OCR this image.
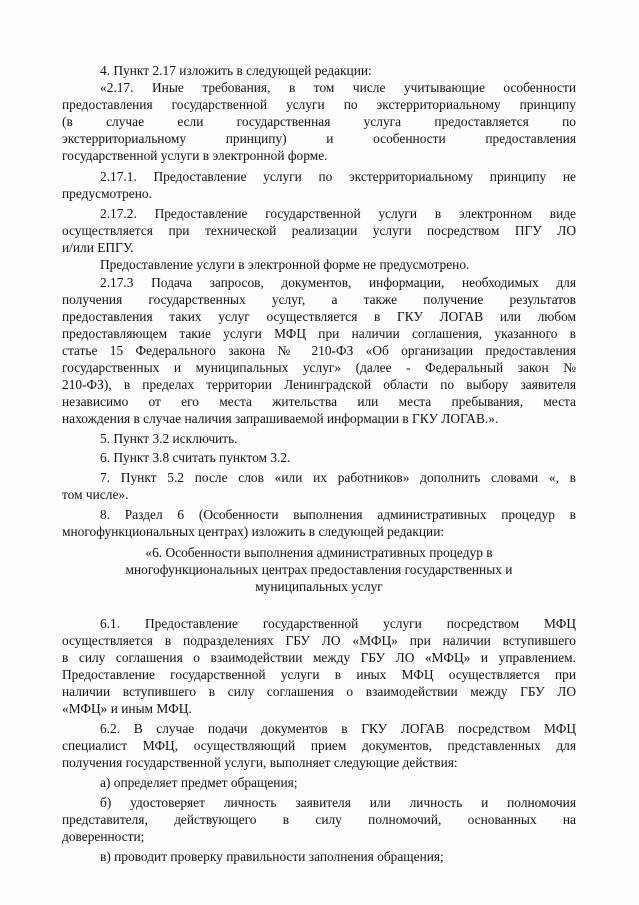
4. Пункт 2.17 изложить в следующей редакции:
«2.17. Иные требования, в том числе учитывающие особенности
предоставления государственной услуги по экстерриториальному принципу
(в случае если государственная услуга предоставляется по
экстерриториальному принципу) и особенности предоставления
государственной услуги в электронной форме.
2.17.1. Предоставление услуги по экстерриториальному принципу не
предусмотрено.
2.17.2. Предоставление государственной услуги в электронном виде
осуществляется при технической реализации услуги посредством ПГУ ЛО
и/или ЕПГУ.
Предоставление услуги в электронной форме не предусмотрено.
2.17.3 Подача запросов, документов, информации, необходимых для
получения государственных услуг, а также получение результатов
предоставления таких услуг осуществляется в ГКУ ЛОГАВ или любом
предоставляющем такие услуги МФЦ при наличии соглашения, указанного в
статье 15 Федерального закона № 210-ФЗ «Об организации предоставления
государственных и муниципальных услуг» (далее - Федеральный закон №
210-ФЗ), в пределах территории Ленинградской области по выбору заявителя
независимо от его места жительства или места пребывания, места
нахождения в случае наличия запрашиваемой информации в ГКУ ЛОГАВ.».
5. Пункт 3.2 исключить.
6. Пункт 3.8 считать пунктом 3.2.
7. Пункт 5.2 после слов «или их работников» дополнить словами «, в
том числе».
8. Раздел 6 (Особенности выполнения административных процедур в
многофункциональных центрах) изложить в следующей редакции:
«6. Особенности выполнения административных процедур в
многофункциональных центрах предоставления государственных и
муниципальных услуг
6.1. Предоставление государственной услуги посредством МФЦ
осуществляется в подразделениях ГБУ ЛО «МФЦ» при наличии вступившего
в силу соглашения о взаимодействии между ГБУ ЛО «МФЦ» и управлением.
Предоставление государственной услуги в иных МФЦ осуществляется при
наличии вступившего в силу соглашения о взаимодействии между ГБУ ЛО
«МФЦ» и иным МФЦ.
6.2. В случае подачи документов в ГКУ ЛОГАВ посредством МФЦ
специалист МФЦ, осуществляющий прием документов, представленных для
получения государственной услуги, выполняет следующие действия:
а) определяет предмет обращения;
б) удостоверяет личность заявителя или личность и полномочия
представителя, действующего в силу полномочий, основанных на
доверенности;
в) проводит проверку правильности заполнения обращения;
